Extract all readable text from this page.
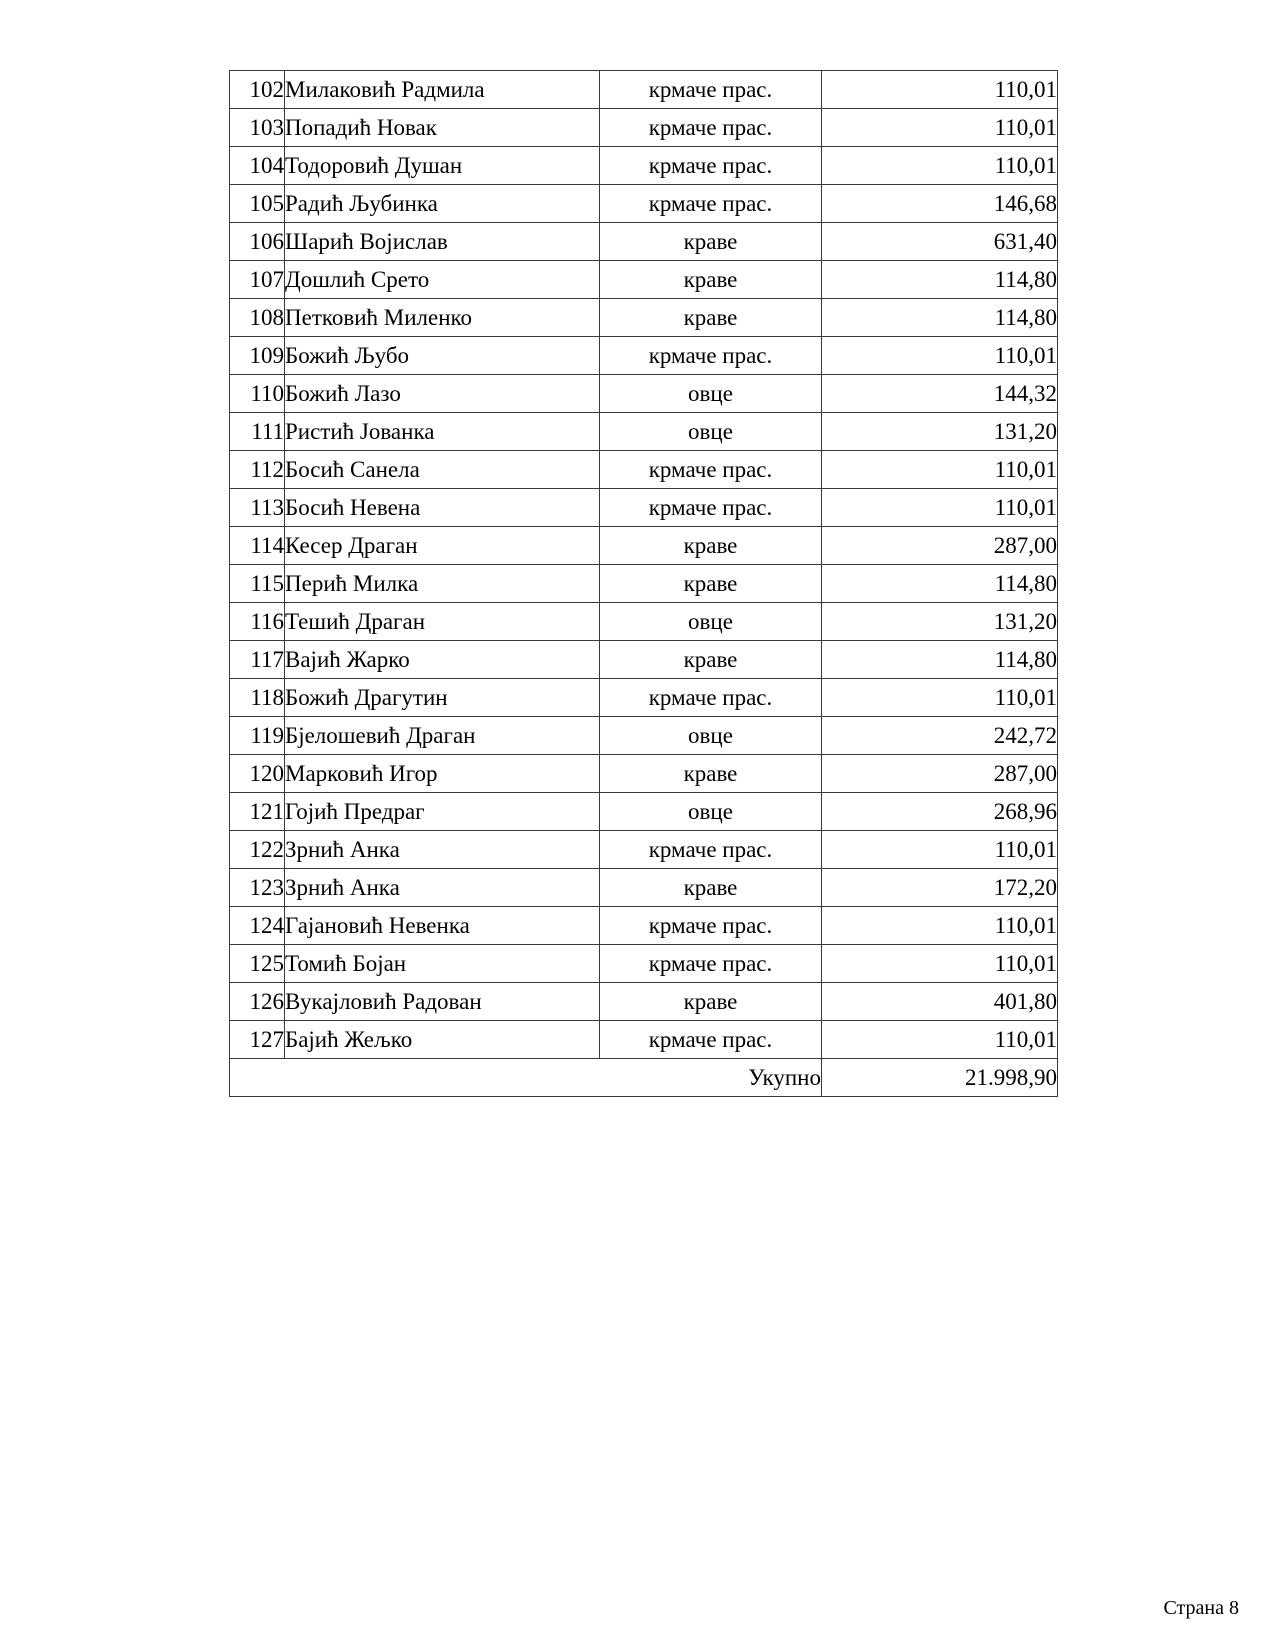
102	Милаковић Радмила	крмаче прас.	110,01
103	Попадић Новак	крмаче прас.	110,01
104	Тодоровић Душан	крмаче прас.	110,01
105	Радић Љубинка	крмаче прас.	146,68
106	Шарић Војислав	краве	631,40
107	Дошлић Срето	краве	114,80
108	Петковић Миленко	краве	114,80
109	Божић Љубо	крмаче прас.	110,01
110	Божић Лазо	овце	144,32
111	Ристић Јованка	овце	131,20
112	Босић Санела	крмаче прас.	110,01
113	Босић Невена	крмаче прас.	110,01
114	Кесер Драган	краве	287,00
115	Перић Милка	краве	114,80
116	Тешић Драган	овце	131,20
117	Вајић Жарко	краве	114,80
118	Божић Драгутин	крмаче прас.	110,01
119	Бјелошевић Драган	овце	242,72
120	Марковић Игор	краве	287,00
121	Гојић Предраг	овце	268,96
122	Зрнић Анка	крмаче прас.	110,01
123	Зрнић Анка	краве	172,20
124	Гајановић Невенка	крмаче прас.	110,01
125	Томић Бојан	крмаче прас.	110,01
126	Вукајловић Радован	краве	401,80
127	Бајић Жељко	крмаче прас.	110,01
Укупно			21.998,90
Страна 8
